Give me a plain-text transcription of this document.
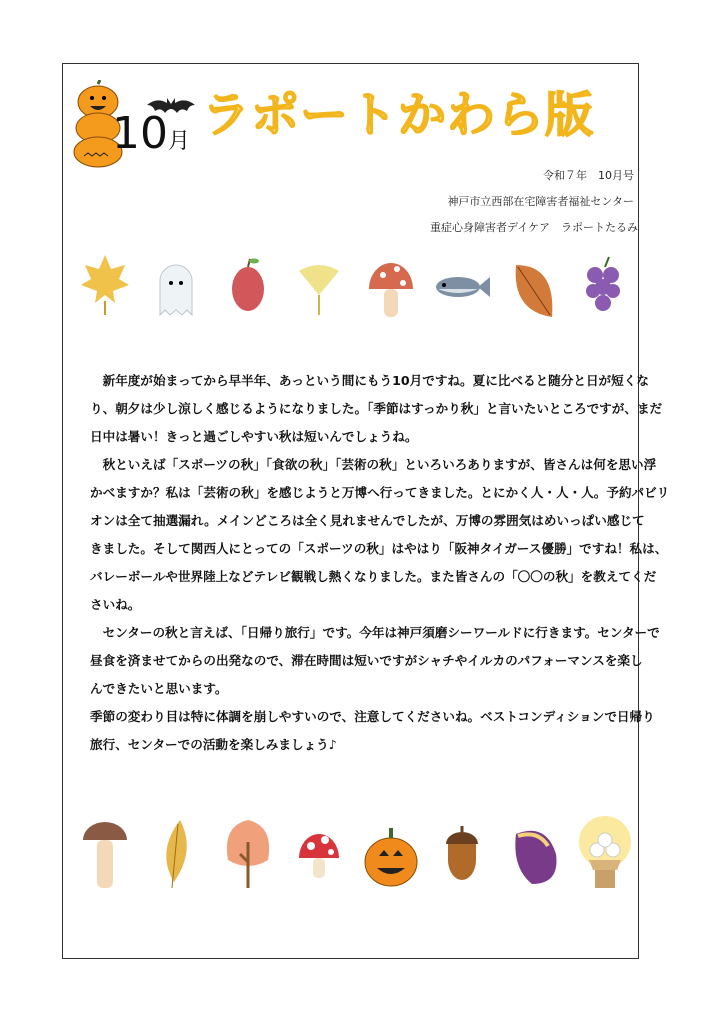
10月 ラポートかわら版
令和７年　10月号
神戸市立西部在宅障害者福祉センター
重症心身障害者デイケア　ラポートたるみ
　新年度が始まってから早半年、あっという間にもう10月ですね。夏に比べると随分と日が短くな
り、朝夕は少し涼しく感じるようになりました。「季節はすっかり秋」と言いたいところですが、まだ
日中は暑い！きっと過ごしやすい秋は短いんでしょうね。
　秋といえば「スポーツの秋」「食欲の秋」「芸術の秋」といろいろありますが、皆さんは何を思い浮
かべますか？私は「芸術の秋」を感じようと万博へ行ってきました。とにかく人・人・人。予約パビリ
オンは全て抽選漏れ。メインどころは全く見れませんでしたが、万博の雰囲気はめいっぱい感じて
きました。そして関西人にとっての「スポーツの秋」はやはり「阪神タイガース優勝」ですね！私は、
バレーボールや世界陸上などテレビ観戦し熱くなりました。また皆さんの「〇〇の秋」を教えてくだ
さいね。
　センターの秋と言えば、「日帰り旅行」です。今年は神戸須磨シーワールドに行きます。センターで
昼食を済ませてからの出発なので、滞在時間は短いですがシャチやイルカのパフォーマンスを楽し
んできたいと思います。
季節の変わり目は特に体調を崩しやすいので、注意してくださいね。ベストコンディションで日帰り
旅行、センターでの活動を楽しみましょう♪
